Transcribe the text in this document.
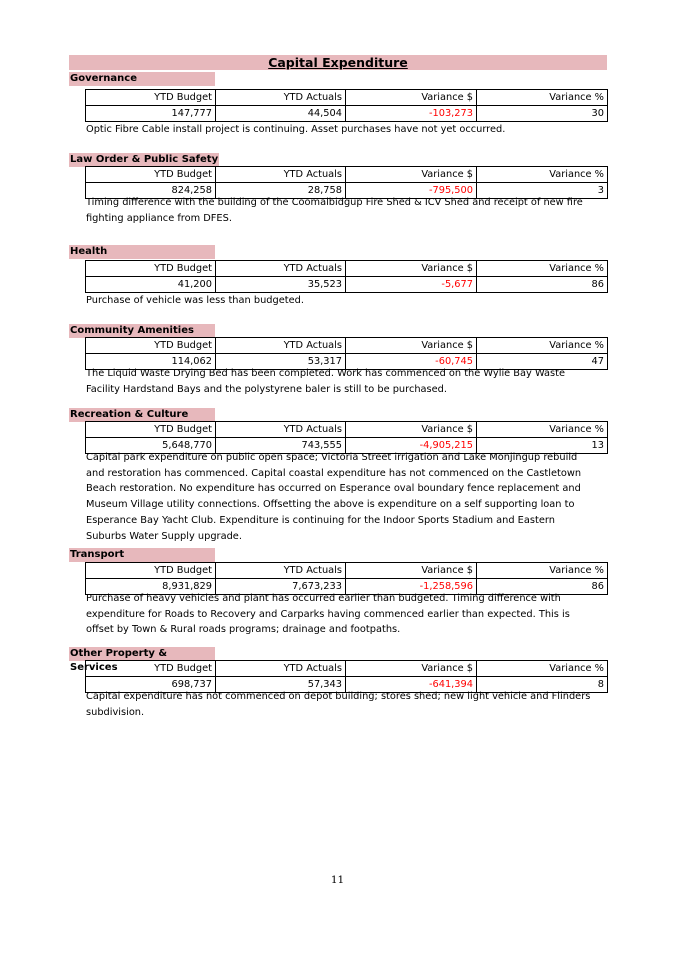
Capital Expenditure
Governance
YTD Budget	YTD Actuals	Variance $	Variance %
147,777	44,504	-103,273	30
Optic Fibre Cable install project is continuing. Asset purchases have not yet occurred.
Law Order & Public Safety
YTD Budget	YTD Actuals	Variance $	Variance %
824,258	28,758	-795,500	3
Timing difference with the building of the Coomalbidgup Fire Shed & ICV Shed and receipt of new fire fighting appliance from DFES.
Health
YTD Budget	YTD Actuals	Variance $	Variance %
41,200	35,523	-5,677	86
Purchase of vehicle was less than budgeted.
Community Amenities
YTD Budget	YTD Actuals	Variance $	Variance %
114,062	53,317	-60,745	47
The Liquid Waste Drying Bed has been completed. Work has commenced on the Wylie Bay Waste Facility Hardstand Bays and the polystyrene baler is still to be purchased.
Recreation & Culture
YTD Budget	YTD Actuals	Variance $	Variance %
5,648,770	743,555	-4,905,215	13
Capital park expenditure on public open space; Victoria Street irrigation and Lake Monjingup rebuild and restoration has commenced. Capital coastal expenditure has not commenced on the Castletown Beach restoration. No expenditure has occurred on Esperance oval boundary fence replacement and Museum Village utility connections. Offsetting the above is expenditure on a self supporting loan to Esperance Bay Yacht Club. Expenditure is continuing for the Indoor Sports Stadium and Eastern Suburbs Water Supply upgrade.
Transport
YTD Budget	YTD Actuals	Variance $	Variance %
8,931,829	7,673,233	-1,258,596	86
Purchase of heavy vehicles and plant has occurred earlier than budgeted. Timing difference with expenditure for Roads to Recovery and Carparks having commenced earlier than expected. This is offset by Town & Rural roads programs; drainage and footpaths.
Other Property & Services	YTD Budget	YTD Actuals	Variance $	Variance %
698,737	57,343	-641,394	8
Capital expenditure has not commenced on depot building; stores shed; new light vehicle and Flinders subdivision.
11
